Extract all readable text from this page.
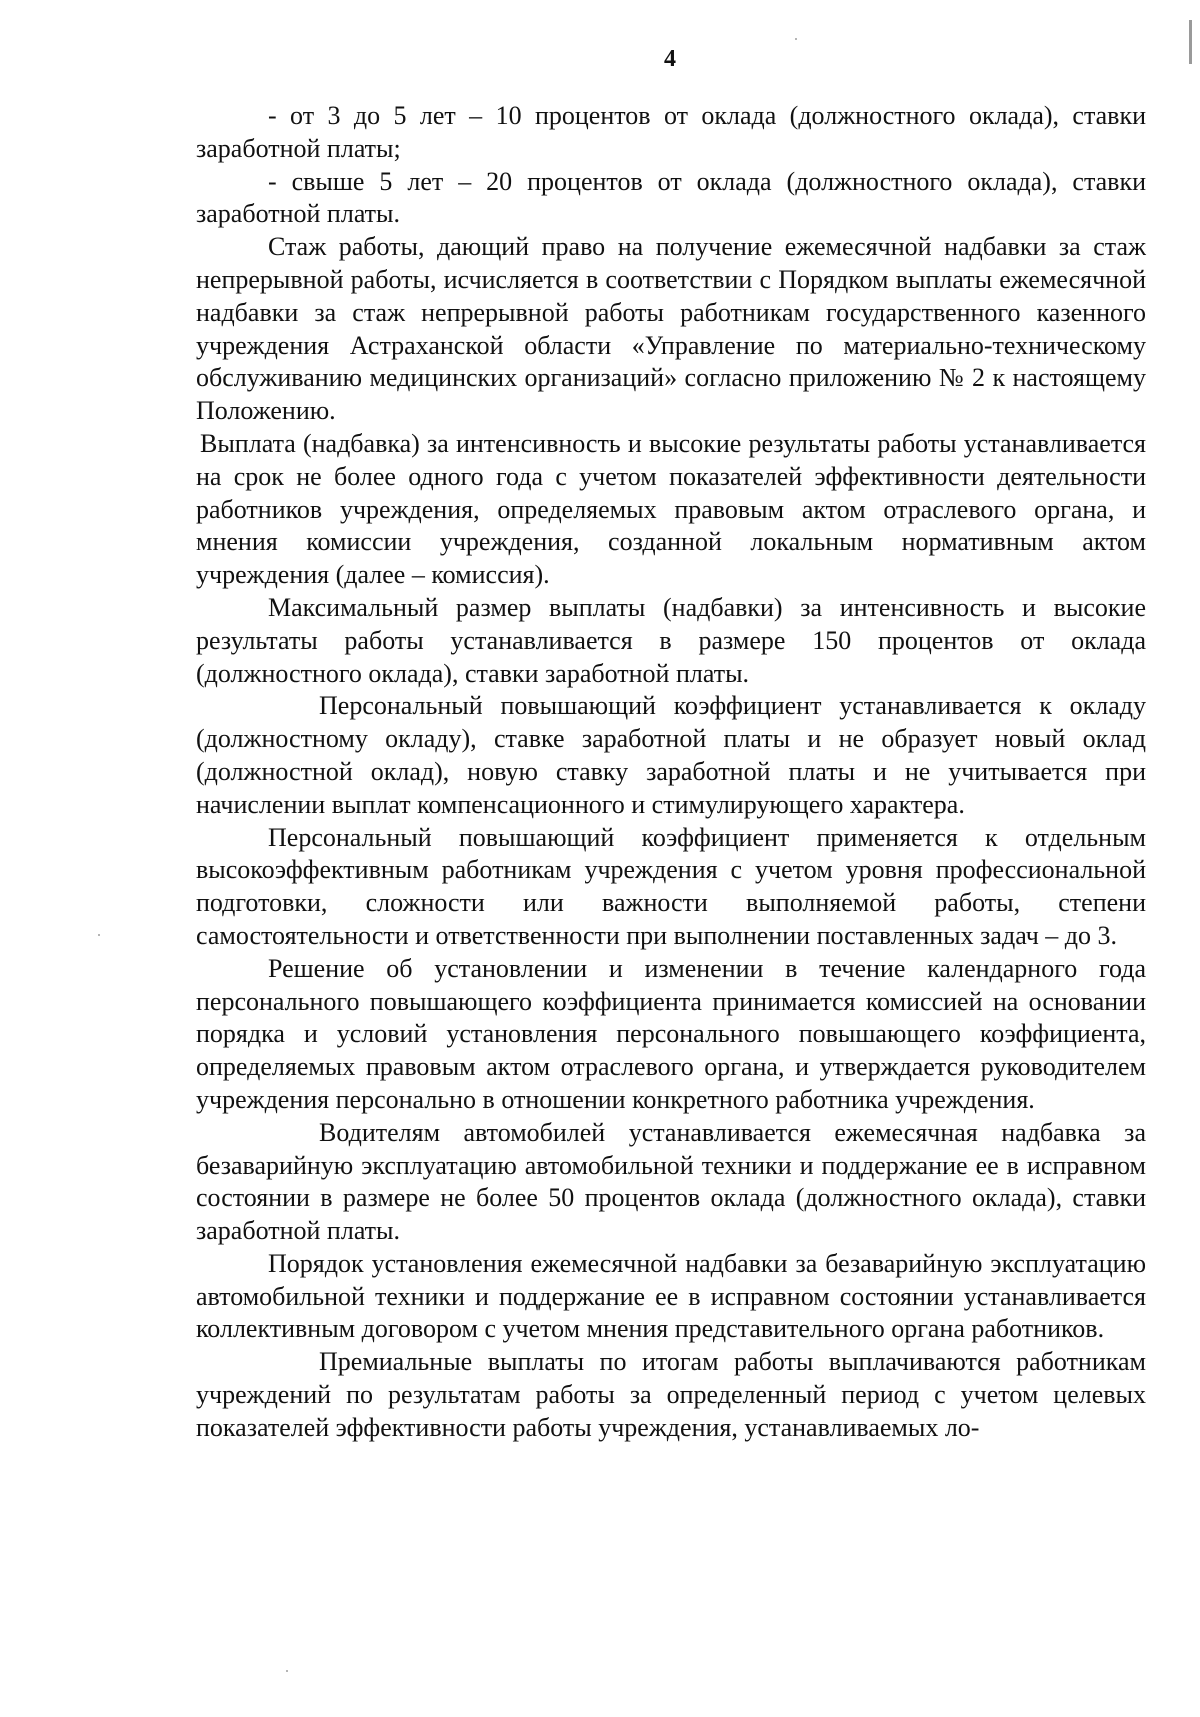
4

- от 3 до 5 лет – 10 процентов от оклада (должностного оклада), ставки заработной платы;

- свыше 5 лет – 20 процентов от оклада (должностного оклада), ставки заработной платы.

Стаж работы, дающий право на получение ежемесячной надбавки за стаж непрерывной работы, исчисляется в соответствии с Порядком выплаты ежемесячной надбавки за стаж непрерывной работы работникам государственного казенного учреждения Астраханской области «Управление по материально-техническому обслуживанию медицинских организаций» согласно приложению № 2 к настоящему Положению.

Выплата (надбавка) за интенсивность и высокие результаты работы устанавливается на срок не более одного года с учетом показателей эффективности деятельности работников учреждения, определяемых правовым актом отраслевого органа, и мнения комиссии учреждения, созданной локальным нормативным актом учреждения (далее – комиссия).

Максимальный размер выплаты (надбавки) за интенсивность и высокие результаты работы устанавливается в размере 150 процентов от оклада (должностного оклада), ставки заработной платы.

Персональный повышающий коэффициент устанавливается к окладу (должностному окладу), ставке заработной платы и не образует новый оклад (должностной оклад), новую ставку заработной платы и не учитывается при начислении выплат компенсационного и стимулирующего характера.

Персональный повышающий коэффициент применяется к отдельным высокоэффективным работникам учреждения с учетом уровня профессиональной подготовки, сложности или важности выполняемой работы, степени самостоятельности и ответственности при выполнении поставленных задач – до 3.

Решение об установлении и изменении в течение календарного года персонального повышающего коэффициента принимается комиссией на основании порядка и условий установления персонального повышающего коэффициента, определяемых правовым актом отраслевого органа, и утверждается руководителем учреждения персонально в отношении конкретного работника учреждения.

Водителям автомобилей устанавливается ежемесячная надбавка за безаварийную эксплуатацию автомобильной техники и поддержание ее в исправном состоянии в размере не более 50 процентов оклада (должностного оклада), ставки заработной платы.

Порядок установления ежемесячной надбавки за безаварийную эксплуатацию автомобильной техники и поддержание ее в исправном состоянии устанавливается коллективным договором с учетом мнения представительного органа работников.

Премиальные выплаты по итогам работы выплачиваются работникам учреждений по результатам работы за определенный период с учетом целевых показателей эффективности работы учреждения, устанавливаемых ло-
